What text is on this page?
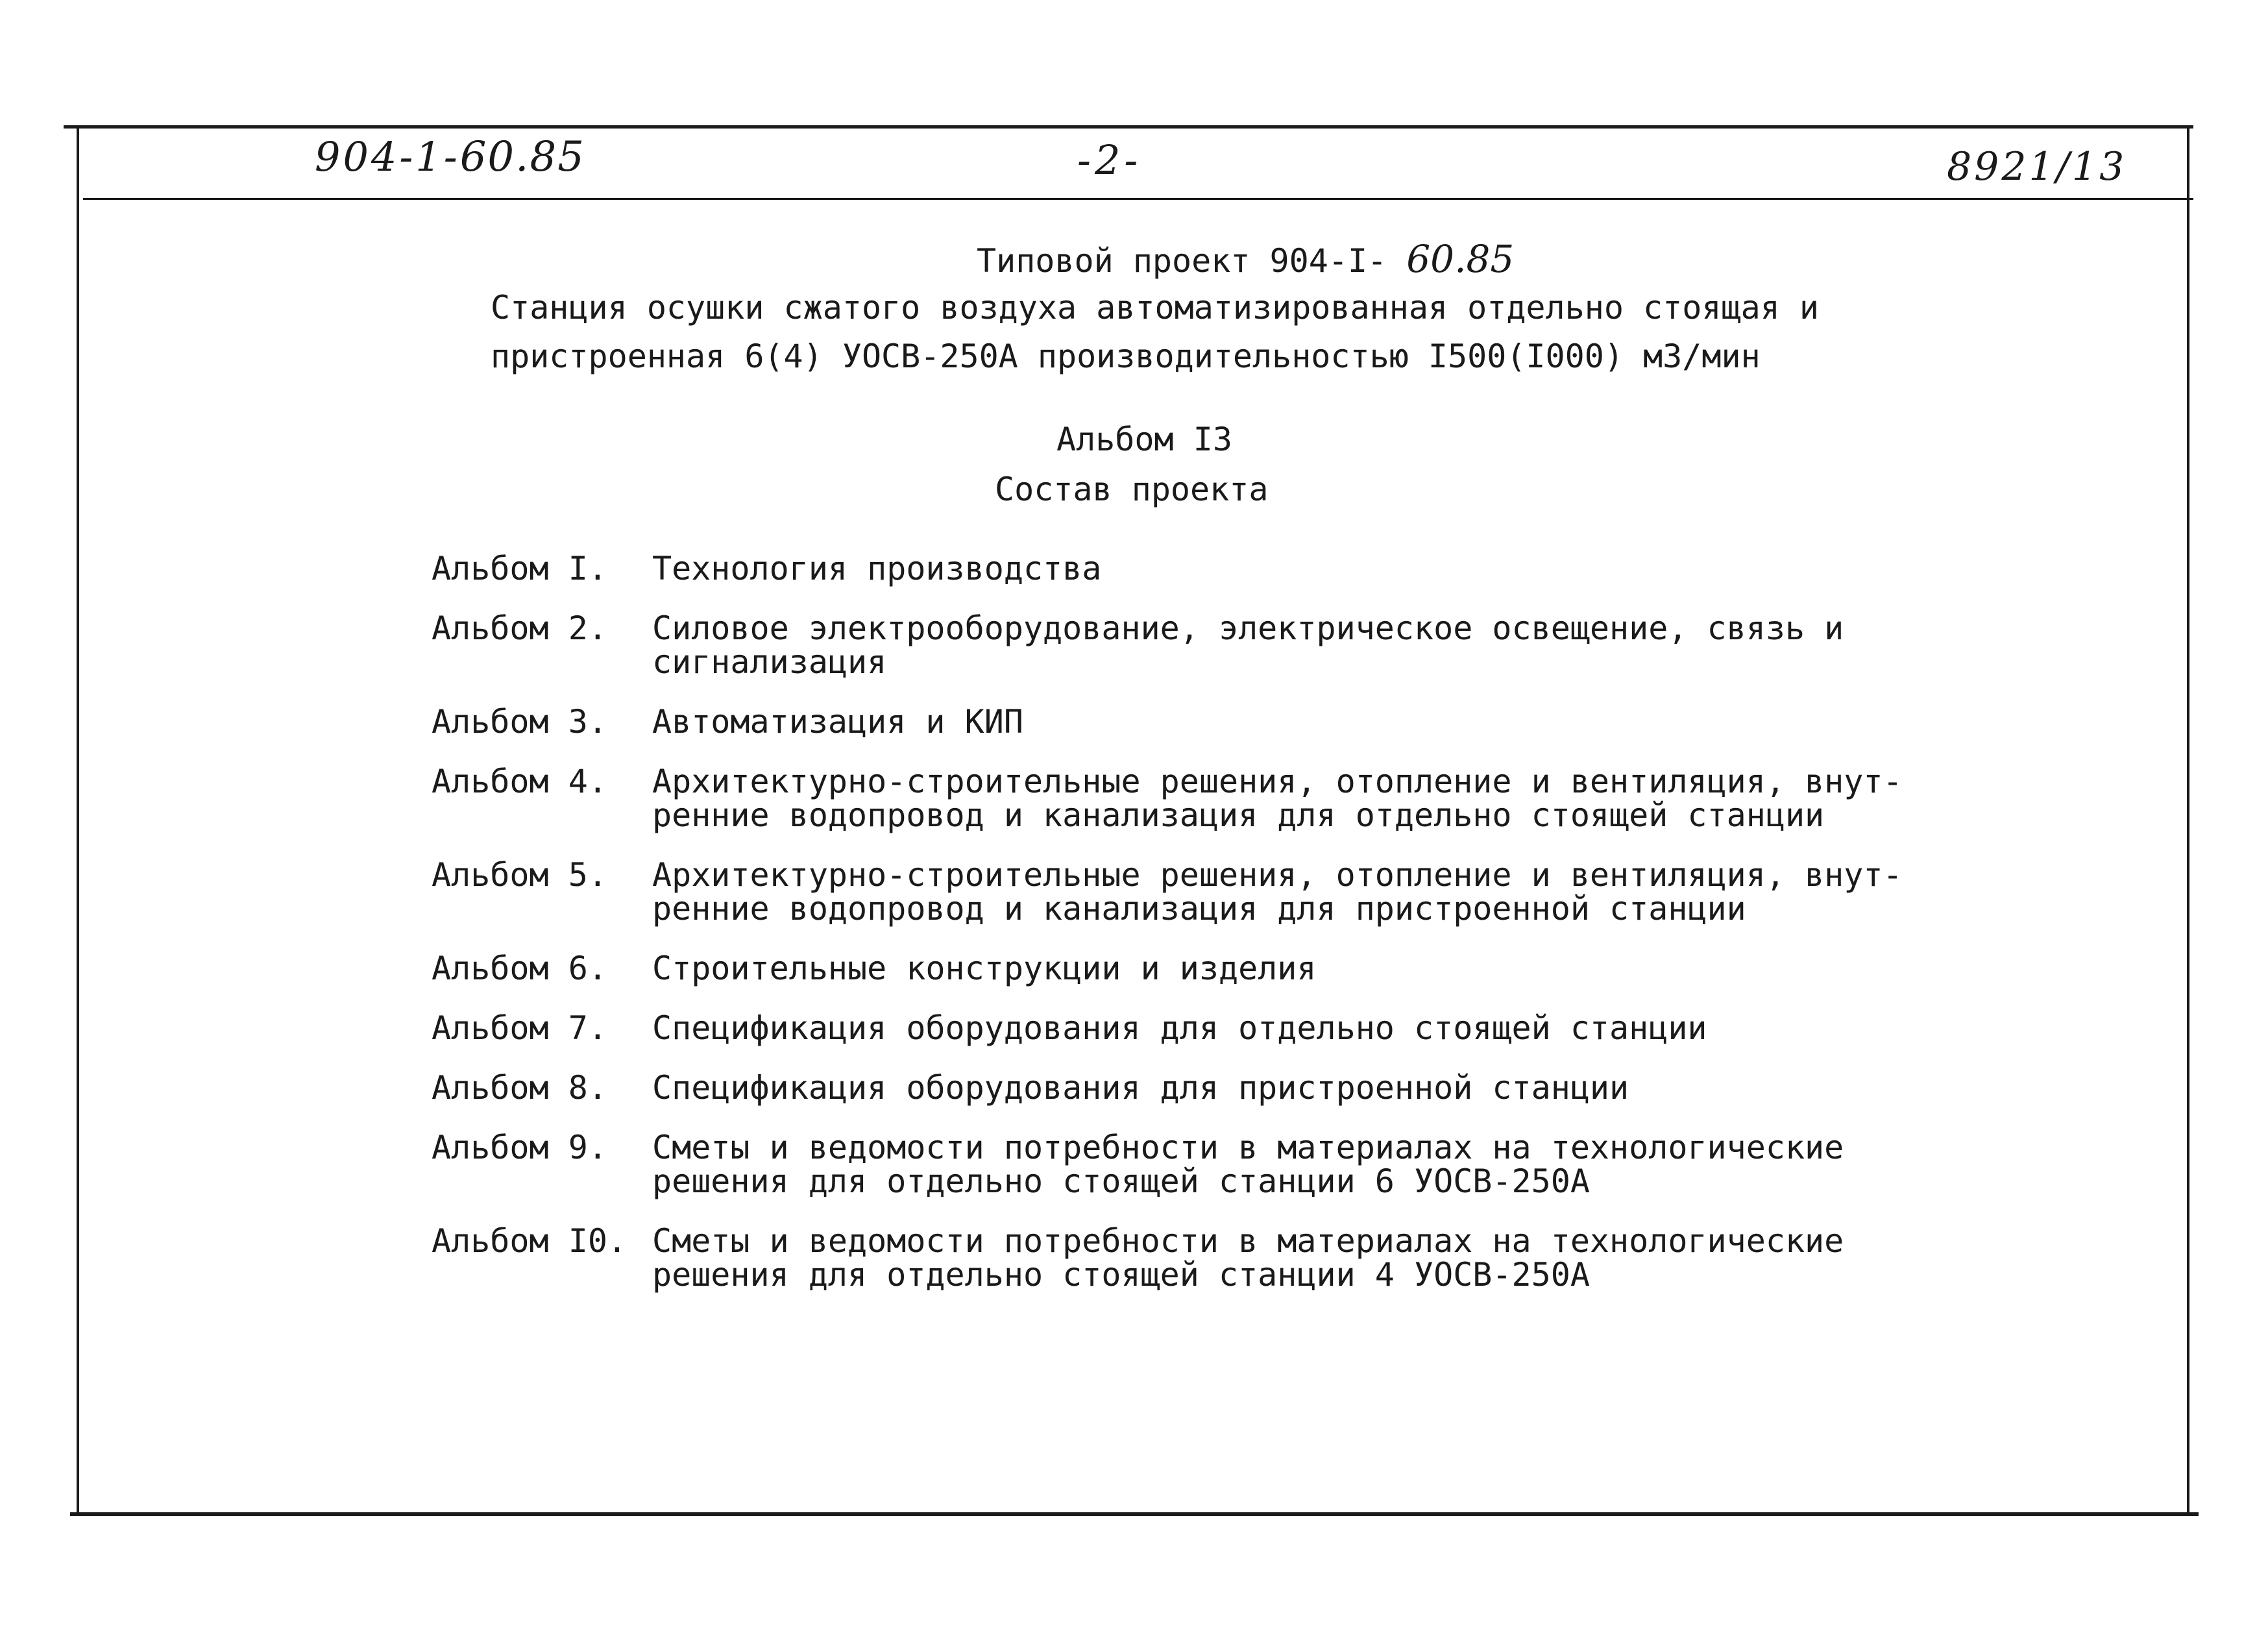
904-1-60.85	-2-	8921/13
Типовой проект 904-I- 60.85
Станция осушки сжатого воздуха автоматизированная отдельно стоящая и
пристроенная 6(4) УОСВ-250А производительностью I500(I000) м3/мин
Альбом I3
Состав проекта
Альбом I.	Технология производства
Альбом 2.	Силовое электрооборудование, электрическое освещение, связь и
сигнализация
Альбом 3.	Автоматизация и КИП
Альбом 4.	Архитектурно-строительные решения, отопление и вентиляция, внут-
ренние водопровод и канализация для отдельно стоящей станции
Альбом 5.	Архитектурно-строительные решения, отопление и вентиляция, внут-
ренние водопровод и канализация для пристроенной станции
Альбом 6.	Строительные конструкции и изделия
Альбом 7.	Спецификация оборудования для отдельно стоящей станции
Альбом 8.	Спецификация оборудования для пристроенной станции
Альбом 9.	Сметы и ведомости потребности в материалах на технологические
решения для отдельно стоящей станции 6 УОСВ-250А
Альбом I0. Сметы и ведомости потребности в материалах на технологические
решения для отдельно стоящей станции 4 УОСВ-250А
